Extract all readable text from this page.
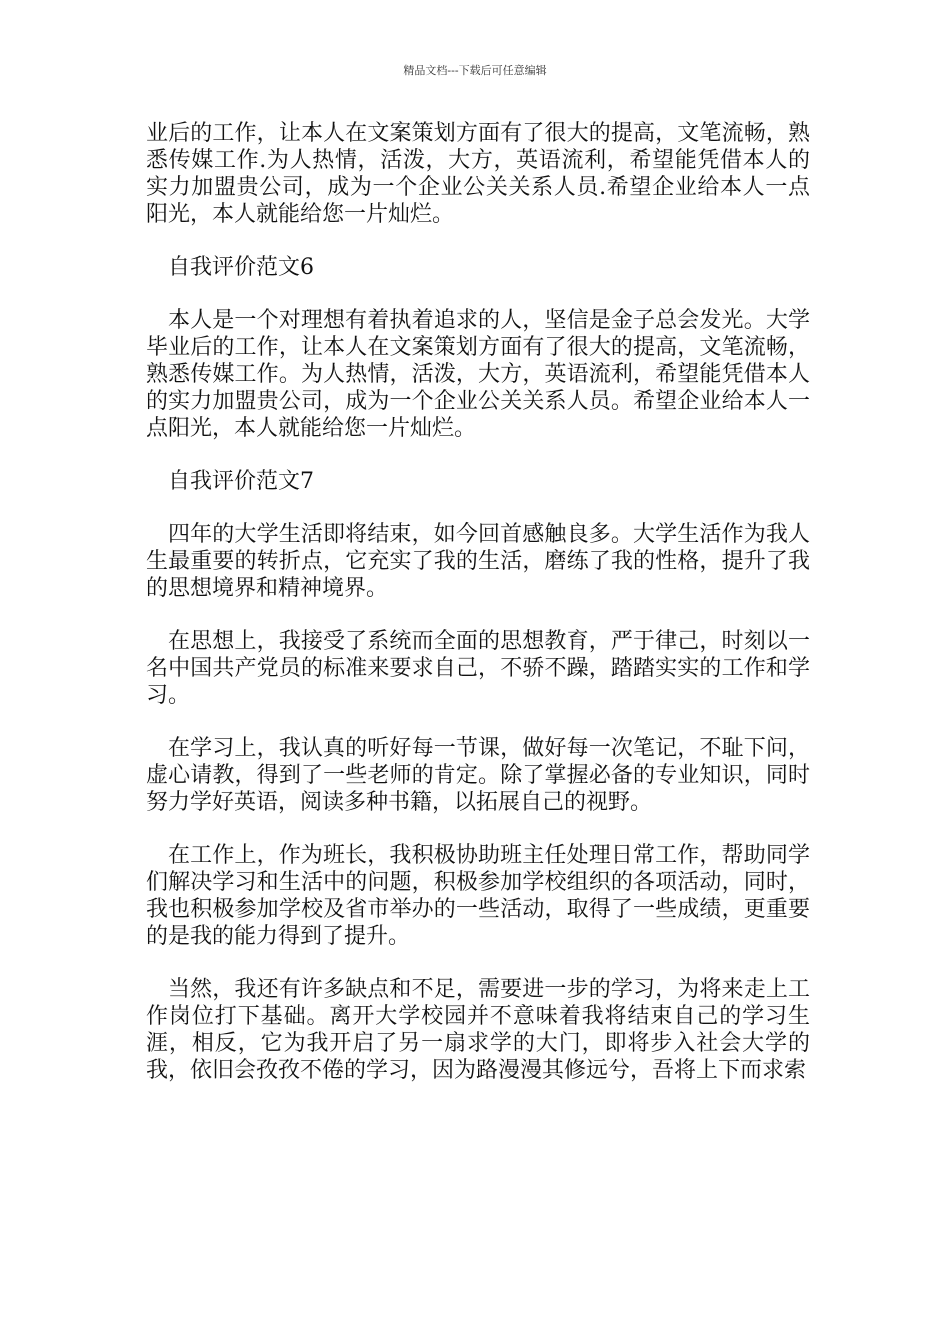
精品文档---下载后可任意编辑

业后的工作，让本人在文案策划方面有了很大的提高，文笔流畅，熟悉传媒工作.为人热情，活泼，大方，英语流利，希望能凭借本人的实力加盟贵公司，成为一个企业公关关系人员.希望企业给本人一点阳光，本人就能给您一片灿烂。

自我评价范文6

本人是一个对理想有着执着追求的人，坚信是金子总会发光。大学毕业后的工作，让本人在文案策划方面有了很大的提高，文笔流畅，熟悉传媒工作。为人热情，活泼，大方，英语流利，希望能凭借本人的实力加盟贵公司，成为一个企业公关关系人员。希望企业给本人一点阳光，本人就能给您一片灿烂。

自我评价范文7

四年的大学生活即将结束，如今回首感触良多。大学生活作为我人生最重要的转折点，它充实了我的生活，磨练了我的性格，提升了我的思想境界和精神境界。

在思想上，我接受了系统而全面的思想教育，严于律己，时刻以一名中国共产党员的标准来要求自己，不骄不躁，踏踏实实的工作和学习。

在学习上，我认真的听好每一节课，做好每一次笔记，不耻下问，虚心请教，得到了一些老师的肯定。除了掌握必备的专业知识，同时努力学好英语，阅读多种书籍，以拓展自己的视野。

在工作上，作为班长，我积极协助班主任处理日常工作，帮助同学们解决学习和生活中的问题，积极参加学校组织的各项活动，同时，我也积极参加学校及省市举办的一些活动，取得了一些成绩，更重要的是我的能力得到了提升。

当然，我还有许多缺点和不足，需要进一步的学习，为将来走上工作岗位打下基础。离开大学校园并不意味着我将结束自己的学习生涯，相反，它为我开启了另一扇求学的大门，即将步入社会大学的我，依旧会孜孜不倦的学习，因为路漫漫其修远兮，吾将上下而求索
